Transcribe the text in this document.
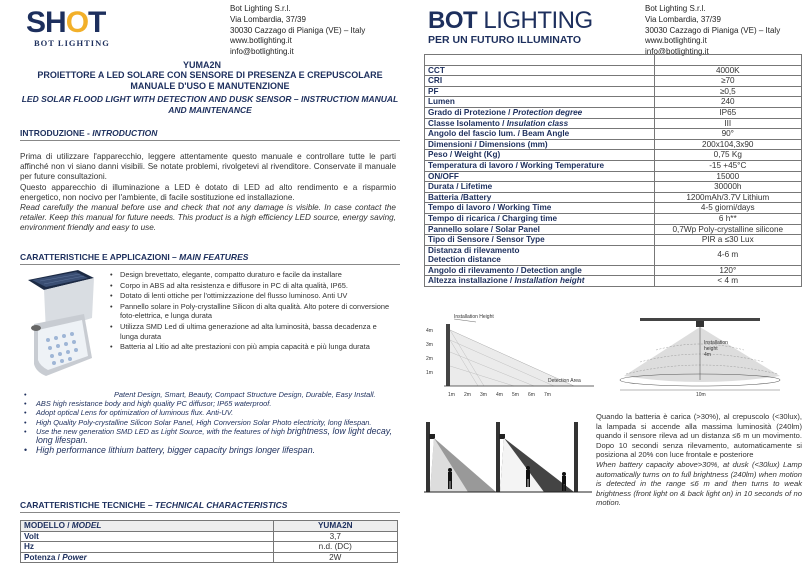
SHOT
BOT LIGHTING
Bot Lighting S.r.l.
Via Lombardia, 37/39
30030 Cazzago di Pianiga (VE) – Italy
www.botlighting.it
info@botlighting.it
YUMA2N
PROIETTORE A LED SOLARE CON SENSORE DI PRESENZA E CREPUSCOLARE
MANUALE D'USO E MANUTENZIONE
LED SOLAR FLOOD LIGHT WITH DETECTION AND DUSK SENSOR – INSTRUCTION MANUAL AND MAINTENANCE
INTRODUZIONE - INTRODUCTION

Prima di utilizzare l'apparecchio, leggere attentamente questo manuale e controllare tutte le parti affinché non vi siano danni visibili. Se notate problemi, rivolgetevi al rivenditore. Conservate il manuale per future consultazioni.

Questo apparecchio di illuminazione a LED è dotato di LED ad alto rendimento e a risparmio energetico, non nocivo per l'ambiente, di facile sostituzione ed installazione.

Read carefully the manual before use and check that not any damage is visible. In case contact the retailer. Keep this manual for future needs. This product is a high efficiency LED source, energy saving, environment friendly and easy to use.

CARATTERISTICHE E APPLICAZIONI – MAIN FEATURES
• Design brevettato, elegante, compatto duraturo e facile da installare
• Corpo in ABS ad alta resistenza e diffusore in PC di alta qualità, IP65.
• Dotato di lenti ottiche per l'ottimizzazione del flusso luminoso. Anti UV
• Pannello solare in Poly-crystalline Silicon di alta qualità. Alto potere di conversione foto-elettrica, e lunga durata
• Utilizza SMD Led di ultima generazione ad alta luminosità, bassa decadenza e lunga durata
• Batteria al Litio ad alte prestazioni con più ampia capacità e più lunga durata
• Patent Design, Smart, Beauty, Compact Structure Design, Durable, Easy Install.
• ABS high resistance body and high quality PC diffusor; IP65 waterproof.
• Adopt optical Lens for optimization of luminous flux. Anti-UV.
• High Quality Poly-crystalline Silicon Solar Panel, High Conversion Solar Photo electricity, long lifespan.
• Use the new generation SMD LED as Light Source, with the features of high brightness, low light decay, long lifespan.
• High performance lithium battery, bigger capacity brings longer lifespan.
CARATTERISTICHE TECNICHE – TECHNICAL CHARACTERISTICS
MODELLO / MODEL	YUMA2N
Volt	3,7
Hz	n.d. (DC)
Potenza / Power	2W
BOT LIGHTING
PER UN FUTURO ILLUMINATO
Bot Lighting S.r.l.
Via Lombardia, 37/39
30030 Cazzago di Pianiga (VE) – Italy
www.botlighting.it
info@botlighting.it

CCT	4000K
CRI	≥70
PF	≥0,5
Lumen	240
Grado di Protezione / Protection degree	IP65
Classe Isolamento / Insulation class	III
Angolo del fascio lum. / Beam Angle	90°
Dimensioni / Dimensions (mm)	200x104,3x90
Peso / Weight (Kg)	0,75 Kg
Temperatura di lavoro / Working Temperature	-15 +45°C
ON/OFF	15000
Durata / Lifetime	30000h
Batteria /Battery	1200mAh/3.7V Lithium
Tempo di lavoro / Working Time	4-5 giorni/days
Tempo di ricarica / Charging time	6 h**
Pannello solare / Solar Panel	0,7Wp Poly-crystalline silicone
Tipo di Sensore / Sensor Type	PIR a ≤30 Lux
Distanza di rilevamento
Detection distance	4-6 m
Angolo di rilevamento / Detection angle	120°
Altezza installazione / Installation height	< 4 m
Installation Height
4m
3m
2m
1m
1m 2m 3m 4m 5m 6m 7m
Detection Area
Installation
height
4m
10m

Quando la batteria è carica (>30%), al crepuscolo (<30lux), la lampada si accende alla massima luminosità (240lm) quando il sensore rileva ad un distanza ≤6 m un movimento. Dopo 10 secondi senza rilevamento, automaticamente si posiziona al 20% con luce frontale e posteriore

When battery capacity above>30%, at dusk (<30lux) Lamp automatically turns on to full brightness (240lm) when motion is detected in the range ≤6 m and then turns to weak brightness (front light on & back light on) in 10 seconds of no motion.
